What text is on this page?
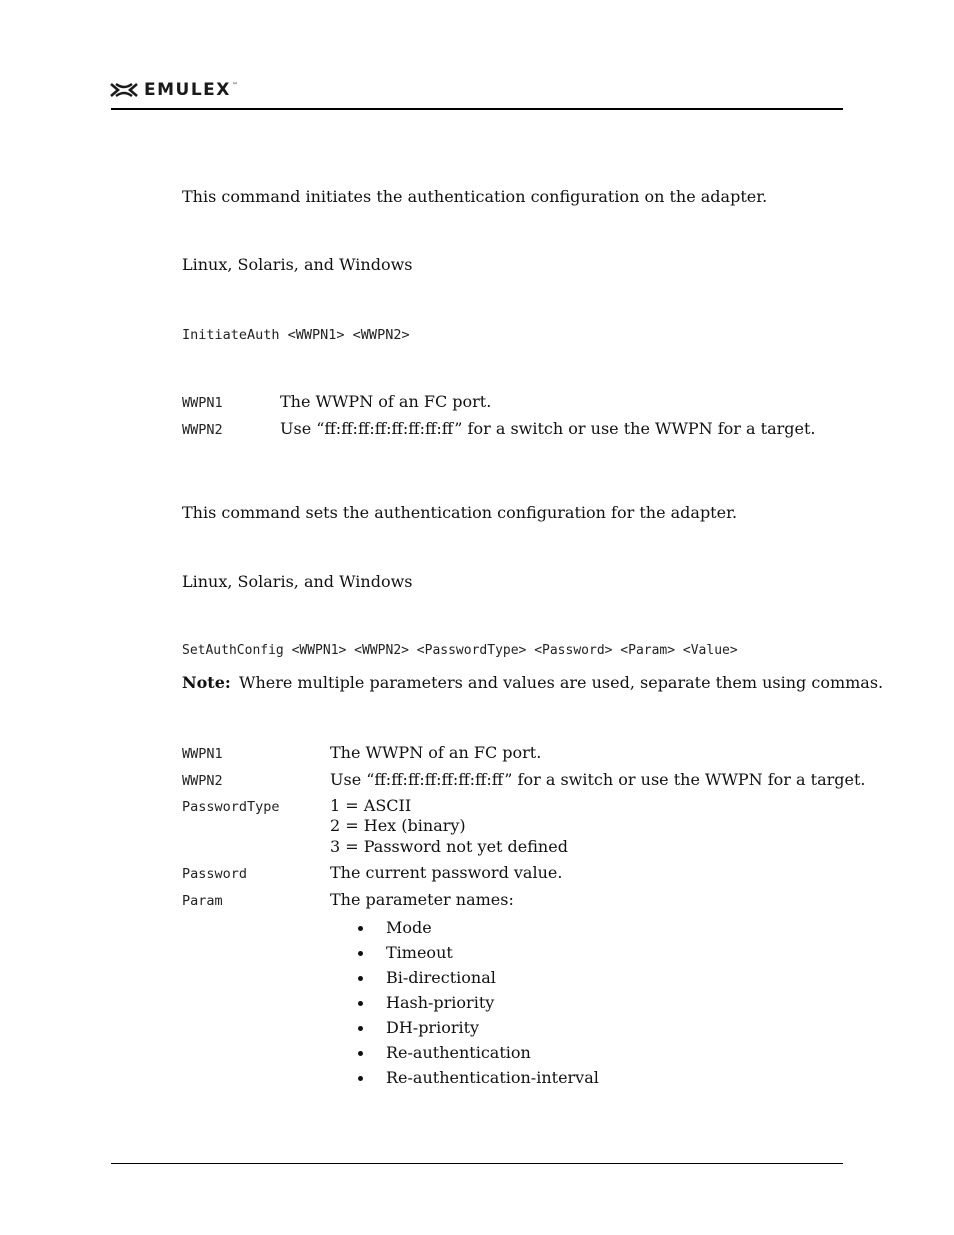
EMULEX ™
This command initiates the authentication configuration on the adapter.
Linux, Solaris, and Windows
InitiateAuth <WWPN1> <WWPN2>
WWPN1	The WWPN of an FC port.
WWPN2	Use “ff:ff:ff:ff:ff:ff:ff:ff” for a switch or use the WWPN for a target.
This command sets the authentication configuration for the adapter.
Linux, Solaris, and Windows
SetAuthConfig <WWPN1> <WWPN2> <PasswordType> <Password> <Param> <Value>
Note: Where multiple parameters and values are used, separate them using commas.
WWPN1	The WWPN of an FC port.
WWPN2	Use “ff:ff:ff:ff:ff:ff:ff:ff” for a switch or use the WWPN for a target.
PasswordType	1 = ASCII
2 = Hex (binary)
3 = Password not yet defined
Password	The current password value.
Param	The parameter names:
Mode
Timeout
Bi-directional
Hash-priority
DH-priority
Re-authentication
Re-authentication-interval
